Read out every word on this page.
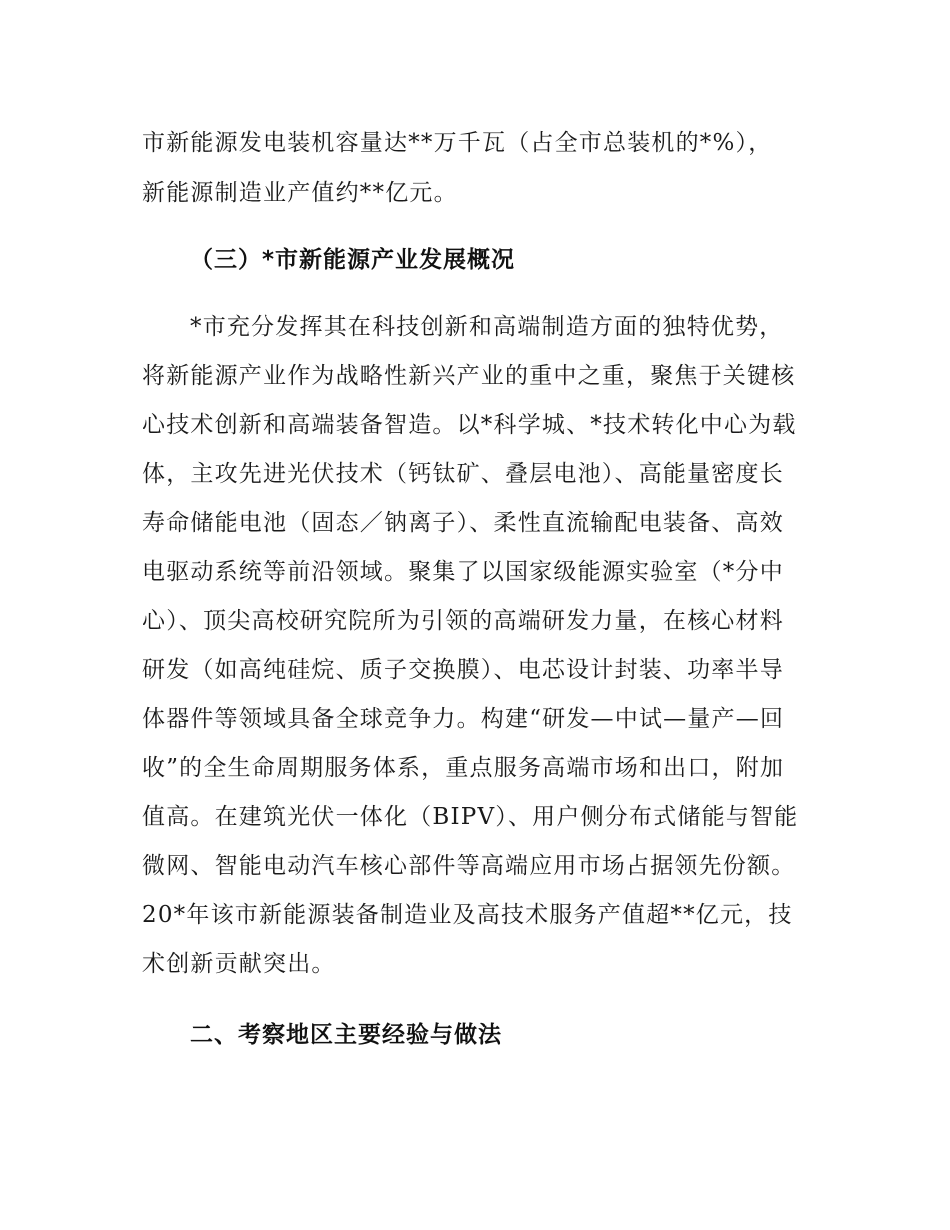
市新能源发电装机容量达**万千瓦（占全市总装机的*%），
新能源制造业产值约**亿元。
（三）*市新能源产业发展概况
*市充分发挥其在科技创新和高端制造方面的独特优势，
将新能源产业作为战略性新兴产业的重中之重，聚焦于关键核
心技术创新和高端装备智造。以*科学城、*技术转化中心为载
体，主攻先进光伏技术（钙钛矿、叠层电池）、高能量密度长
寿命储能电池（固态／钠离子）、柔性直流输配电装备、高效
电驱动系统等前沿领域。聚集了以国家级能源实验室（*分中
心）、顶尖高校研究院所为引领的高端研发力量，在核心材料
研发（如高纯硅烷、质子交换膜）、电芯设计封装、功率半导
体器件等领域具备全球竞争力。构建“研发—中试—量产—回
收”的全生命周期服务体系，重点服务高端市场和出口，附加
值高。在建筑光伏一体化（BIPV）、用户侧分布式储能与智能
微网、智能电动汽车核心部件等高端应用市场占据领先份额。
20*年该市新能源装备制造业及高技术服务产值超**亿元，技
术创新贡献突出。
二、考察地区主要经验与做法
